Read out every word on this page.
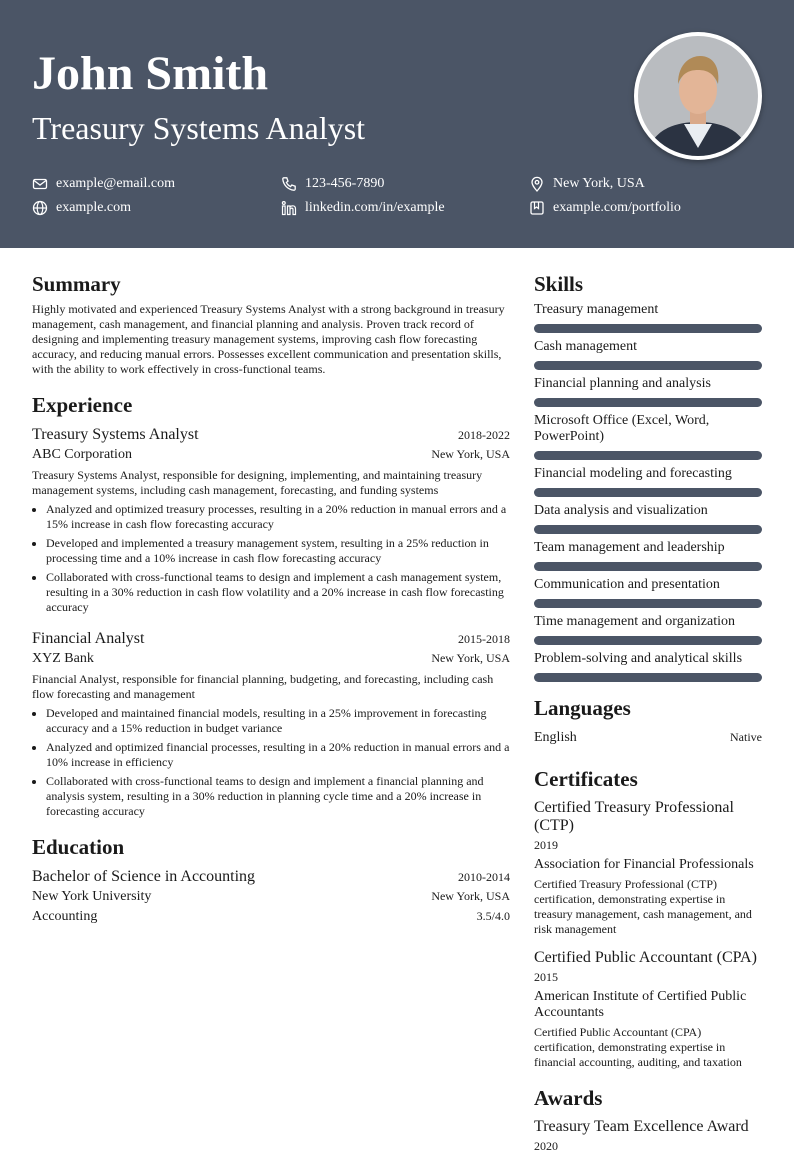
John Smith
Treasury Systems Analyst
example@email.com	123-456-7890	New York, USA
example.com	linkedin.com/in/example	example.com/portfolio
Summary

Highly motivated and experienced Treasury Systems Analyst with a strong background in treasury management, cash management, and financial planning and analysis. Proven track record of designing and implementing treasury management systems, improving cash flow forecasting accuracy, and reducing manual errors. Possesses excellent communication and presentation skills, with the ability to work effectively in cross-functional teams.

Experience
Treasury Systems Analyst	2018-2022
ABC Corporation	New York, USA
Treasury Systems Analyst, responsible for designing, implementing, and maintaining treasury management systems, including cash management, forecasting, and funding systems
• Analyzed and optimized treasury processes, resulting in a 20% reduction in manual errors and a 15% increase in cash flow forecasting accuracy
• Developed and implemented a treasury management system, resulting in a 25% reduction in processing time and a 10% increase in cash flow forecasting accuracy
• Collaborated with cross-functional teams to design and implement a cash management system, resulting in a 30% reduction in cash flow volatility and a 20% increase in cash flow forecasting accuracy
Financial Analyst	2015-2018
XYZ Bank	New York, USA
Financial Analyst, responsible for financial planning, budgeting, and forecasting, including cash flow forecasting and management
• Developed and maintained financial models, resulting in a 25% improvement in forecasting accuracy and a 15% reduction in budget variance
• Analyzed and optimized financial processes, resulting in a 20% reduction in manual errors and a 10% increase in efficiency
• Collaborated with cross-functional teams to design and implement a financial planning and analysis system, resulting in a 30% reduction in planning cycle time and a 20% increase in forecasting accuracy
Education
Bachelor of Science in Accounting	2010-2014
New York University	New York, USA
Accounting	3.5/4.0
Skills
Treasury management
Cash management
Financial planning and analysis
Microsoft Office (Excel, Word, PowerPoint)
Financial modeling and forecasting
Data analysis and visualization
Team management and leadership
Communication and presentation
Time management and organization
Problem-solving and analytical skills
Languages
English	Native
Certificates
Certified Treasury Professional (CTP)
2019
Association for Financial Professionals
Certified Treasury Professional (CTP) certification, demonstrating expertise in treasury management, cash management, and risk management
Certified Public Accountant (CPA)
2015
American Institute of Certified Public Accountants
Certified Public Accountant (CPA) certification, demonstrating expertise in financial accounting, auditing, and taxation
Awards
Treasury Team Excellence Award
2020
